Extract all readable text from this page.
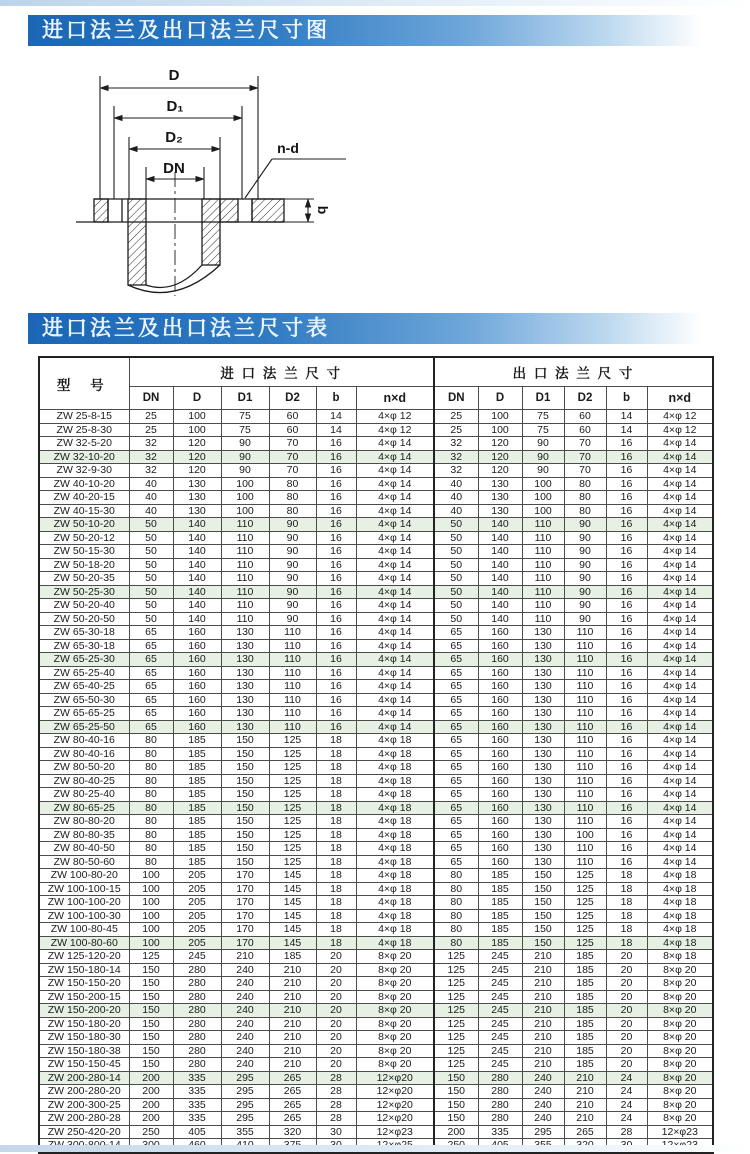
进口法兰及出口法兰尺寸图
D
D₁
D₂
DN
n-d
b
进口法兰及出口法兰尺寸表
型 号	进 口 法 兰 尺 寸						出 口 法 兰 尺 寸					
	DN	D	D1	D2	b	n×d	DN	D	D1	D2	b	n×d
ZW 25-8-15	25	100	75	60	14	4×φ 12	25	100	75	60	14	4×φ 12
ZW 25-8-30	25	100	75	60	14	4×φ 12	25	100	75	60	14	4×φ 12
ZW 32-5-20	32	120	90	70	16	4×φ 14	32	120	90	70	16	4×φ 14
ZW 32-10-20	32	120	90	70	16	4×φ 14	32	120	90	70	16	4×φ 14
ZW 32-9-30	32	120	90	70	16	4×φ 14	32	120	90	70	16	4×φ 14
ZW 40-10-20	40	130	100	80	16	4×φ 14	40	130	100	80	16	4×φ 14
ZW 40-20-15	40	130	100	80	16	4×φ 14	40	130	100	80	16	4×φ 14
ZW 40-15-30	40	130	100	80	16	4×φ 14	40	130	100	80	16	4×φ 14
ZW 50-10-20	50	140	110	90	16	4×φ 14	50	140	110	90	16	4×φ 14
ZW 50-20-12	50	140	110	90	16	4×φ 14	50	140	110	90	16	4×φ 14
ZW 50-15-30	50	140	110	90	16	4×φ 14	50	140	110	90	16	4×φ 14
ZW 50-18-20	50	140	110	90	16	4×φ 14	50	140	110	90	16	4×φ 14
ZW 50-20-35	50	140	110	90	16	4×φ 14	50	140	110	90	16	4×φ 14
ZW 50-25-30	50	140	110	90	16	4×φ 14	50	140	110	90	16	4×φ 14
ZW 50-20-40	50	140	110	90	16	4×φ 14	50	140	110	90	16	4×φ 14
ZW 50-20-50	50	140	110	90	16	4×φ 14	50	140	110	90	16	4×φ 14
ZW 65-30-18	65	160	130	110	16	4×φ 14	65	160	130	110	16	4×φ 14
ZW 65-30-18	65	160	130	110	16	4×φ 14	65	160	130	110	16	4×φ 14
ZW 65-25-30	65	160	130	110	16	4×φ 14	65	160	130	110	16	4×φ 14
ZW 65-25-40	65	160	130	110	16	4×φ 14	65	160	130	110	16	4×φ 14
ZW 65-40-25	65	160	130	110	16	4×φ 14	65	160	130	110	16	4×φ 14
ZW 65-50-30	65	160	130	110	16	4×φ 14	65	160	130	110	16	4×φ 14
ZW 65-65-25	65	160	130	110	16	4×φ 14	65	160	130	110	16	4×φ 14
ZW 65-25-50	65	160	130	110	16	4×φ 14	65	160	130	110	16	4×φ 14
ZW 80-40-16	80	185	150	125	18	4×φ 18	65	160	130	110	16	4×φ 14
ZW 80-40-16	80	185	150	125	18	4×φ 18	65	160	130	110	16	4×φ 14
ZW 80-50-20	80	185	150	125	18	4×φ 18	65	160	130	110	16	4×φ 14
ZW 80-40-25	80	185	150	125	18	4×φ 18	65	160	130	110	16	4×φ 14
ZW 80-25-40	80	185	150	125	18	4×φ 18	65	160	130	110	16	4×φ 14
ZW 80-65-25	80	185	150	125	18	4×φ 18	65	160	130	110	16	4×φ 14
ZW 80-80-20	80	185	150	125	18	4×φ 18	65	160	130	110	16	4×φ 14
ZW 80-80-35	80	185	150	125	18	4×φ 18	65	160	130	100	16	4×φ 14
ZW 80-40-50	80	185	150	125	18	4×φ 18	65	160	130	110	16	4×φ 14
ZW 80-50-60	80	185	150	125	18	4×φ 18	65	160	130	110	16	4×φ 14
ZW 100-80-20	100	205	170	145	18	4×φ 18	80	185	150	125	18	4×φ 18
ZW 100-100-15	100	205	170	145	18	4×φ 18	80	185	150	125	18	4×φ 18
ZW 100-100-20	100	205	170	145	18	4×φ 18	80	185	150	125	18	4×φ 18
ZW 100-100-30	100	205	170	145	18	4×φ 18	80	185	150	125	18	4×φ 18
ZW 100-80-45	100	205	170	145	18	4×φ 18	80	185	150	125	18	4×φ 18
ZW 100-80-60	100	205	170	145	18	4×φ 18	80	185	150	125	18	4×φ 18
ZW 125-120-20	125	245	210	185	20	8×φ 20	125	245	210	185	20	8×φ 18
ZW 150-180-14	150	280	240	210	20	8×φ 20	125	245	210	185	20	8×φ 20
ZW 150-150-20	150	280	240	210	20	8×φ 20	125	245	210	185	20	8×φ 20
ZW 150-200-15	150	280	240	210	20	8×φ 20	125	245	210	185	20	8×φ 20
ZW 150-200-20	150	280	240	210	20	8×φ 20	125	245	210	185	20	8×φ 20
ZW 150-180-20	150	280	240	210	20	8×φ 20	125	245	210	185	20	8×φ 20
ZW 150-180-30	150	280	240	210	20	8×φ 20	125	245	210	185	20	8×φ 20
ZW 150-180-38	150	280	240	210	20	8×φ 20	125	245	210	185	20	8×φ 20
ZW 150-150-45	150	280	240	210	20	8×φ 20	125	245	210	185	20	8×φ 20
ZW 200-280-14	200	335	295	265	28	12×φ20	150	280	240	210	24	8×φ 20
ZW 200-280-20	200	335	295	265	28	12×φ20	150	280	240	210	24	8×φ 20
ZW 200-300-25	200	335	295	265	28	12×φ20	150	280	240	210	24	8×φ 20
ZW 200-280-28	200	335	295	265	28	12×φ20	150	280	240	210	24	8×φ 20
ZW 250-420-20	250	405	355	320	30	12×φ23	200	335	295	265	28	12×φ23
